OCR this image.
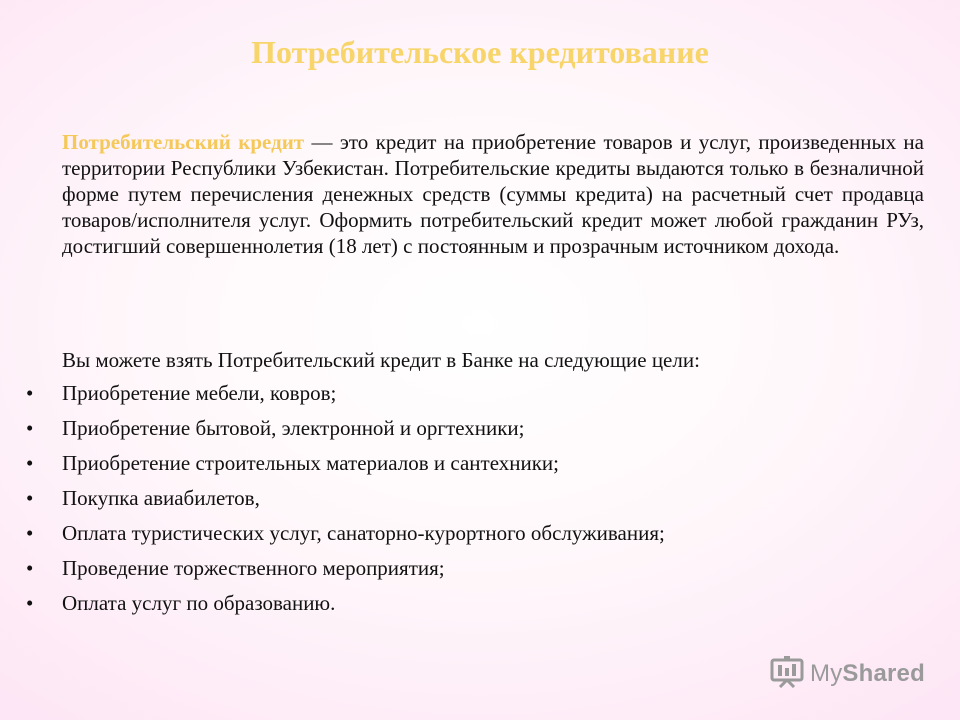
Потребительское кредитование
Потребительский кредит — это кредит на приобретение товаров и услуг, произведенных на территории Республики Узбекистан. Потребительские кредиты выдаются только в безналичной форме путем перечисления денежных средств (суммы кредита) на расчетный счет продавца товаров/исполнителя услуг. Оформить потребительский кредит может любой гражданин РУз, достигший совершеннолетия (18 лет) с постоянным и прозрачным источником дохода.
Вы можете взять Потребительский кредит в Банке на следующие цели:
• Приобретение мебели, ковров;
• Приобретение бытовой, электронной и оргтехники;
• Приобретение строительных материалов и сантехники;
• Покупка авиабилетов,
• Оплата туристических услуг, санаторно-курортного обслуживания;
• Проведение торжественного мероприятия;
• Оплата услуг по образованию.
MyShared
